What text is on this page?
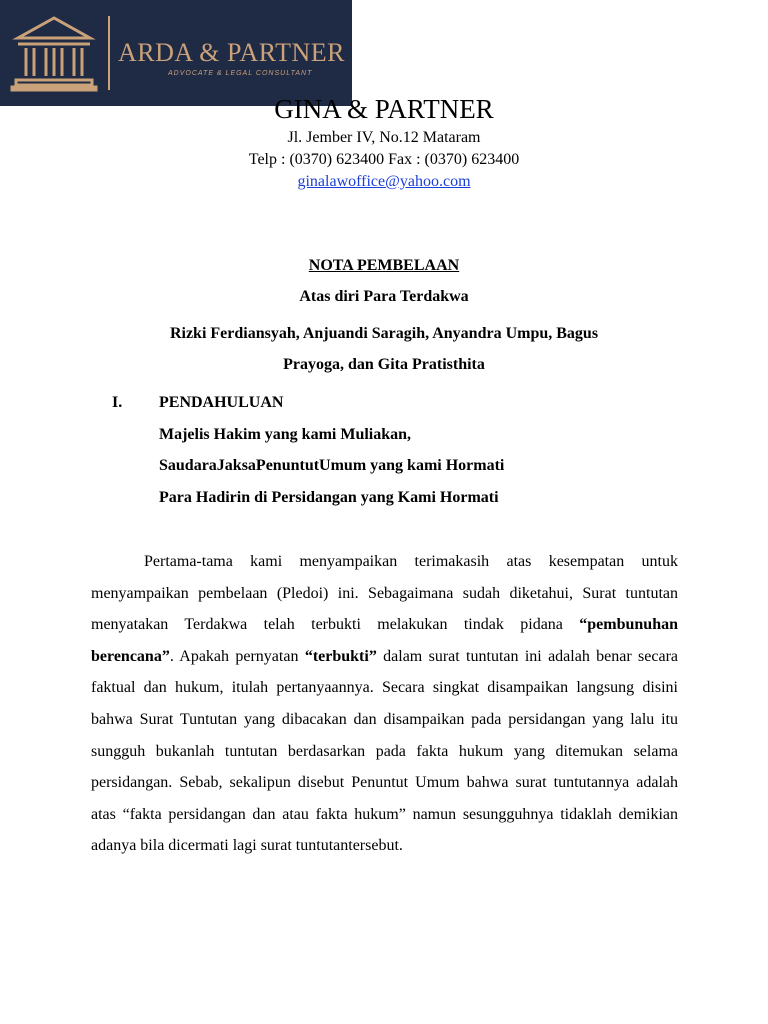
ARDA & PARTNER
ADVOCATE & LEGAL CONSULTANT
GINA & PARTNER
Jl. Jember IV, No.12 Mataram
Telp : (0370) 623400 Fax : (0370) 623400
ginalawoffice@yahoo.com
NOTA PEMBELAAN
Atas diri Para Terdakwa
Rizki Ferdiansyah, Anjuandi Saragih, Anyandra Umpu, Bagus Prayoga, dan Gita Pratisthita
I. PENDAHULUAN
Majelis Hakim yang kami Muliakan,
SaudaraJaksaPenuntutUmum yang kami Hormati
Para Hadirin di Persidangan yang Kami Hormati

Pertama-tama kami menyampaikan terimakasih atas kesempatan untuk menyampaikan pembelaan (Pledoi) ini. Sebagaimana sudah diketahui, Surat tuntutan menyatakan Terdakwa telah terbukti melakukan tindak pidana “pembunuhan berencana”. Apakah pernyatan “terbukti” dalam surat tuntutan ini adalah benar secara faktual dan hukum, itulah pertanyaannya. Secara singkat disampaikan langsung disini bahwa Surat Tuntutan yang dibacakan dan disampaikan pada persidangan yang lalu itu sungguh bukanlah tuntutan berdasarkan pada fakta hukum yang ditemukan selama persidangan. Sebab, sekalipun disebut Penuntut Umum bahwa surat tuntutannya adalah atas “fakta persidangan dan atau fakta hukum” namun sesungguhnya tidaklah demikian adanya bila dicermati lagi surat tuntutantersebut.
